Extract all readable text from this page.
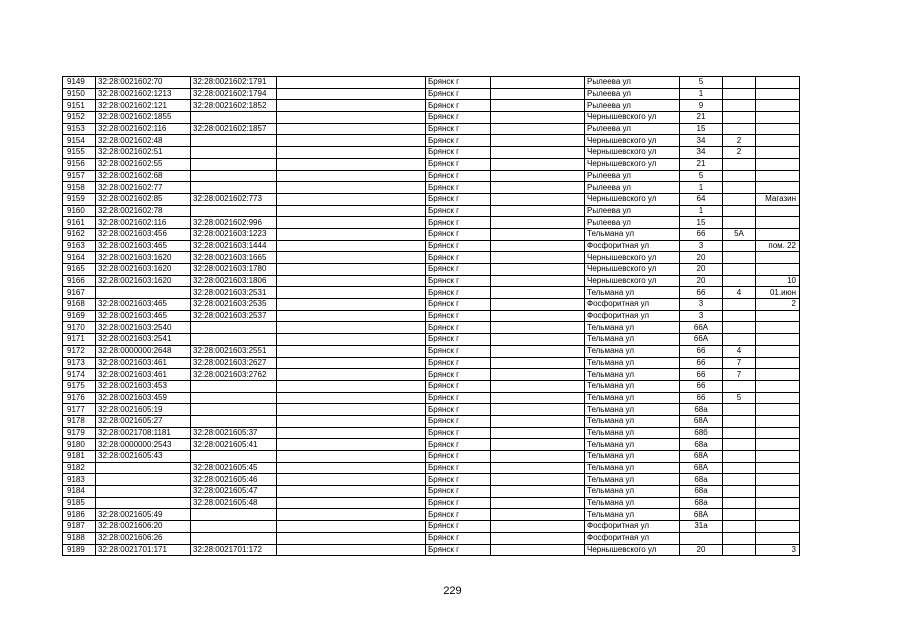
9149	32:28:0021602:70	32:28:0021602:1791		Брянск г		Рылеева ул	5		
9150	32:28:0021602:1213	32:28:0021602:1794		Брянск г		Рылеева ул	1		
9151	32:28:0021602:121	32:28:0021602:1852		Брянск г		Рылеева ул	9		
9152	32:28:0021602:1855			Брянск г		Чернышевского ул	21		
9153	32:28:0021602:116	32:28:0021602:1857		Брянск г		Рылеева ул	15		
9154	32:28:0021602:48			Брянск г		Чернышевского ул	34	2	
9155	32:28:0021602:51			Брянск г		Чернышевского ул	34	2	
9156	32:28:0021602:55			Брянск г		Чернышевского ул	21		
9157	32:28:0021602:68			Брянск г		Рылеева ул	5		
9158	32:28:0021602:77			Брянск г		Рылеева ул	1		
9159	32:28:0021602:85	32:28:0021602:773		Брянск г		Чернышевского ул	64		Магазин
9160	32:28:0021602:78			Брянск г		Рылеева ул	1		
9161	32:28:0021602:116	32:28:0021602:996		Брянск г		Рылеева ул	15		
9162	32:28:0021603:456	32:28:0021603:1223		Брянск г		Тельмана ул	66	5А	
9163	32:28:0021603:465	32:28:0021603:1444		Брянск г		Фосфоритная ул	3		пом. 22
9164	32:28:0021603:1620	32:28:0021603:1665		Брянск г		Чернышевского ул	20		
9165	32:28:0021603:1620	32:28:0021603:1780		Брянск г		Чернышевского ул	20		
9166	32:28:0021603:1620	32:28:0021603:1806		Брянск г		Чернышевского ул	20		10
9167		32:28:0021603:2531		Брянск г		Тельмана ул	66	4	01.июн
9168	32:28:0021603:465	32:28:0021603:2535		Брянск г		Фосфоритная ул	3		2
9169	32:28:0021603:465	32:28:0021603:2537		Брянск г		Фосфоритная ул	3		
9170	32:28:0021603:2540			Брянск г		Тельмана ул	66А		
9171	32:28:0021603:2541			Брянск г		Тельмана ул	66А		
9172	32:28:0000000:2648	32:28:0021603:2551		Брянск г		Тельмана ул	66	4	
9173	32:28:0021603:461	32:28:0021603:2627		Брянск г		Тельмана ул	66	7	
9174	32:28:0021603:461	32:28:0021603:2762		Брянск г		Тельмана ул	66	7	
9175	32:28:0021603:453			Брянск г		Тельмана ул	66		
9176	32:28:0021603:459			Брянск г		Тельмана ул	66	5	
9177	32:28:0021605:19			Брянск г		Тельмана ул	68а		
9178	32:28:0021605:27			Брянск г		Тельмана ул	68А		
9179	32:28:0021708:1181	32:28:0021605:37		Брянск г		Тельмана ул	68б		
9180	32:28:0000000:2543	32:28:0021605:41		Брянск г		Тельмана ул	68а		
9181	32:28:0021605:43			Брянск г		Тельмана ул	68А		
9182		32:28:0021605:45		Брянск г		Тельмана ул	68А		
9183		32:28:0021605:46		Брянск г		Тельмана ул	68а		
9184		32:28:0021605:47		Брянск г		Тельмана ул	68а		
9185		32:28:0021605:48		Брянск г		Тельмана ул	68а		
9186	32:28:0021605:49			Брянск г		Тельмана ул	68А		
9187	32:28:0021606:20			Брянск г		Фосфоритная ул	31а		
9188	32:28:0021606:26			Брянск г		Фосфоритная ул			
9189	32:28:0021701:171	32:28:0021701:172		Брянск г		Чернышевского ул	20		3
229
